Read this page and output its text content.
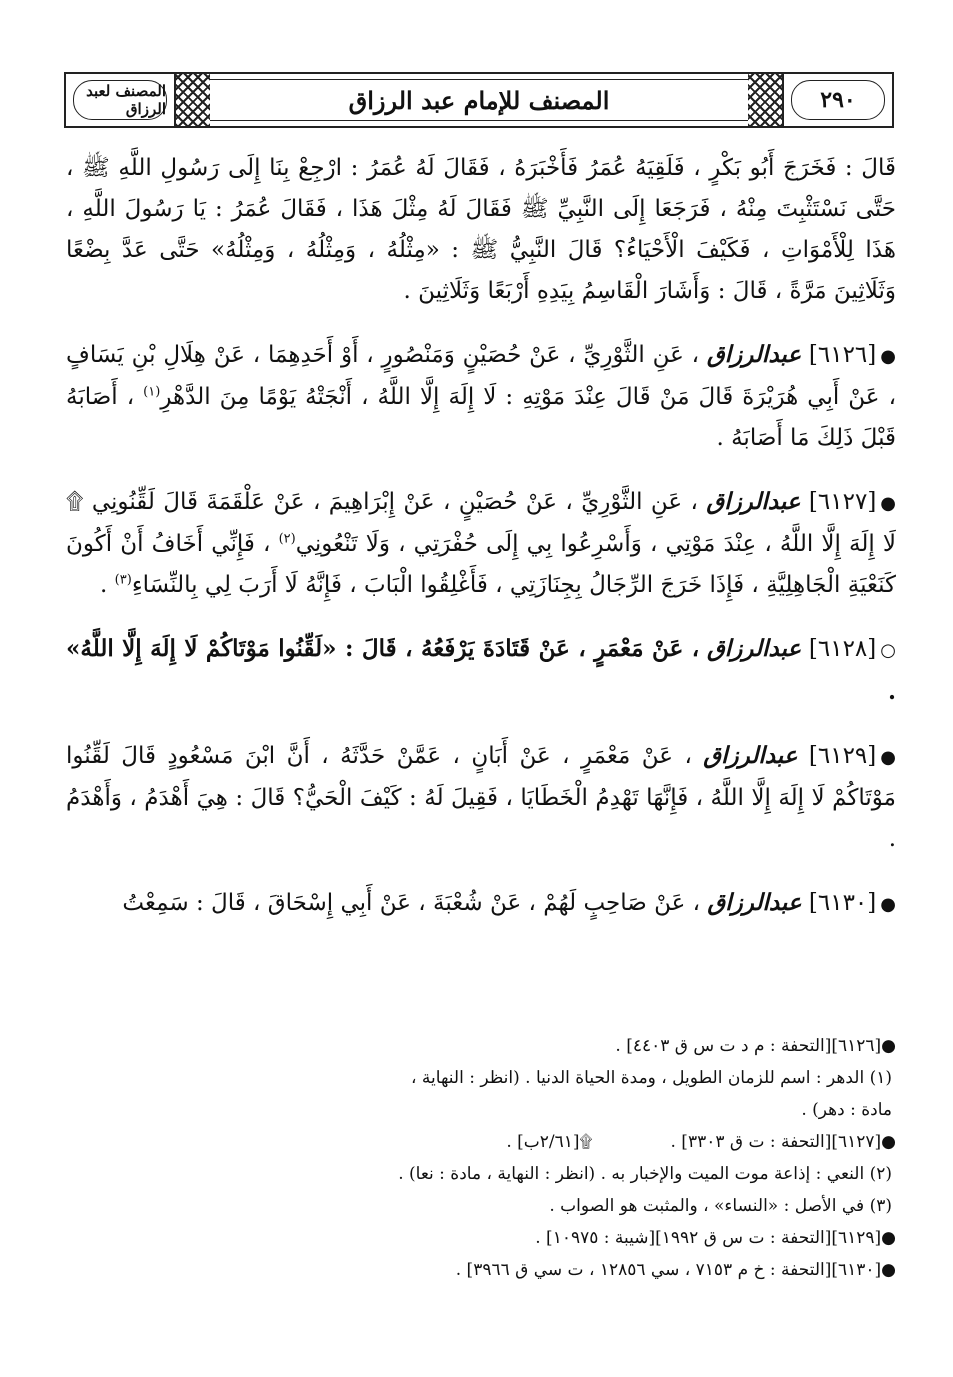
المصنف لعبد الرزاق	المصنف للإمام عبد الرزاق	٢٩٠

قَالَ : فَخَرَجَ أَبُو بَكْرٍ ، فَلَقِيَهُ عُمَرُ فَأَخْبَرَهُ ، فَقَالَ لَهُ عُمَرُ : ارْجِعْ بِنَا إِلَى رَسُولِ اللَّهِ ﷺ ، حَتَّى نَسْتَثْبِتَ مِنْهُ ، فَرَجَعَا إِلَى النَّبِيِّ ﷺ فَقَالَ لَهُ مِثْلَ هَذَا ، فَقَالَ عُمَرُ : يَا رَسُولَ اللَّهِ ، هَذَا لِلْأَمْوَاتِ ، فَكَيْفَ الْأَحْيَاءُ؟ قَالَ النَّبِيُّ ﷺ : «مِثْلُهُ ، وَمِثْلُهُ ، وَمِثْلُهُ» حَتَّى عَدَّ بِضْعًا وَثَلَاثِينَ مَرَّةً ، قَالَ : وَأَشَارَ الْقَاسِمُ بِيَدِهِ أَرْبَعًا وَثَلَاثِينَ .

●[٦١٢٦] عبدالرزاق ، عَنِ الثَّوْرِيِّ ، عَنْ حُصَيْنٍ وَمَنْصُورٍ ، أَوْ أَحَدِهِمَا ، عَنْ هِلَالِ بْنِ يَسَافٍ ، عَنْ أَبِي هُرَيْرَةَ قَالَ مَنْ قَالَ عِنْدَ مَوْتِهِ : لَا إِلَهَ إِلَّا اللَّهُ ، أَنْجَتْهُ يَوْمًا مِنَ الدَّهْرِ$^{(١)}$ ، أَصَابَهُ قَبْلَ ذَلِكَ مَا أَصَابَهُ .

●[٦١٢٧] عبدالرزاق ، عَنِ الثَّوْرِيِّ ، عَنْ حُصَيْنٍ ، عَنْ إِبْرَاهِيمَ ، عَنْ عَلْقَمَةَ قَالَ لَقِّنُونِي ۩ لَا إِلَهَ إِلَّا اللَّهُ ، عِنْدَ مَوْتِي ، وَأَسْرِعُوا بِي إِلَى حُفْرَتِي ، وَلَا تَنْعُونِي$^{(٢)}$ ، فَإِنِّي أَخَافُ أَنْ أَكُونَ كَنَعْيَةِ الْجَاهِلِيَّةِ ، فَإِذَا خَرَجَ الرِّجَالُ بِجِنَازَتِي ، فَأَغْلِقُوا الْبَابَ ، فَإِنَّهُ لَا أَرَبَ لِي بِالنِّسَاءِ$^{(٣)}$ .

○[٦١٢٨] عبدالرزاق ، عَنْ مَعْمَرٍ ، عَنْ قَتَادَةَ يَرْفَعُهُ ، قَالَ : «لَقِّنُوا مَوْتَاكُمْ لَا إِلَهَ إِلَّا اللَّهُ» .

●[٦١٢٩] عبدالرزاق ، عَنْ مَعْمَرٍ ، عَنْ أَبَانٍ ، عَمَّنْ حَدَّثَهُ ، أَنَّ ابْنَ مَسْعُودٍ قَالَ لَقِّنُوا مَوْتَاكُمْ لَا إِلَهَ إِلَّا اللَّهُ ، فَإِنَّهَا تَهْدِمُ الْخَطَايَا ، فَقِيلَ لَهُ : كَيْفَ الْحَيُّ؟ قَالَ : هِيَ أَهْدَمُ ، وَأَهْدَمُ .

●[٦١٣٠] عبدالرزاق ، عَنْ صَاحِبٍ لَهُمْ ، عَنْ شُعْبَةَ ، عَنْ أَبِي إِسْحَاقَ ، قَالَ : سَمِعْتُ

●[٦١٢٦][التحفة : م د ت س ق ٤٤٠٣] .

(١) الدهر : اسم للزمان الطويل ، ومدة الحياة الدنيا . (انظر : النهاية ، مادة : دهر) .

●[٦١٢٧][التحفة : ت ق ٣٣٠٣] .۩[٢/٦١ب] .

(٢) النعي : إذاعة موت الميت والإخبار به . (انظر : النهاية ، مادة : نعا) .

(٣) في الأصل : «النساء» ، والمثبت هو الصواب .

●[٦١٢٩][التحفة : ت س ق ١٩٩٢][شيبة : ١٠٩٧٥] .

●[٦١٣٠][التحفة : خ م ٧١٥٣ ، سي ١٢٨٥٦ ، ت سي ق ٣٩٦٦] .
